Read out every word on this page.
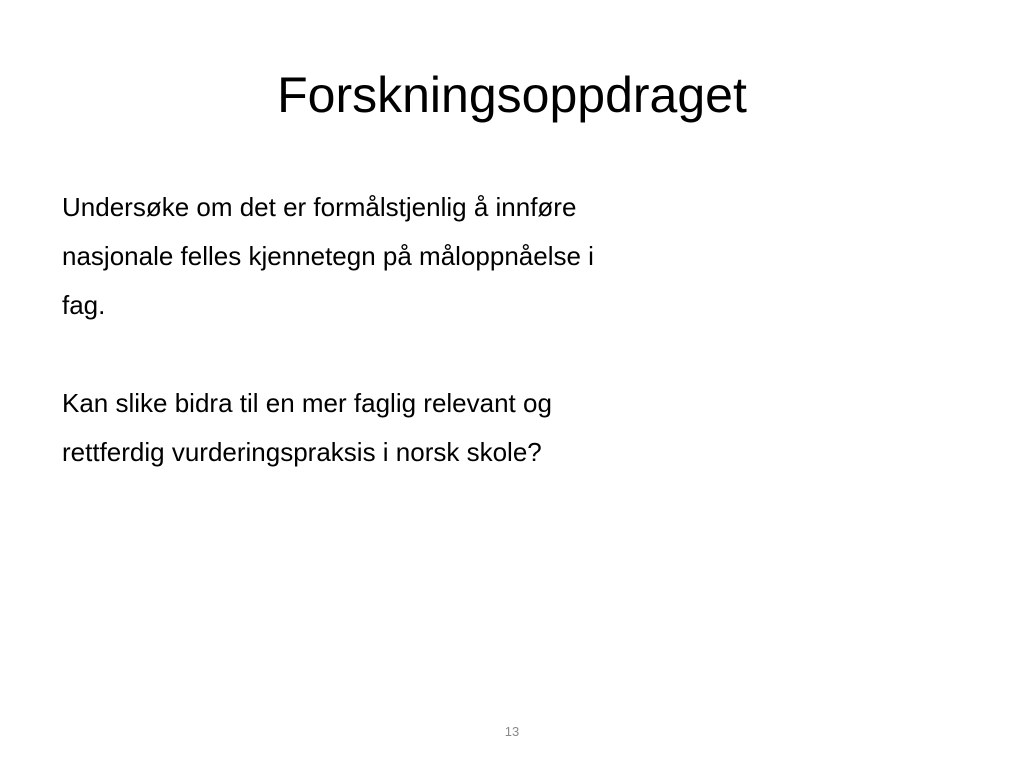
Forskningsoppdraget

Undersøke om det er formålstjenlig å innføre
nasjonale felles kjennetegn på måloppnåelse i
fag.

Kan slike bidra til en mer faglig relevant og
rettferdig vurderingspraksis i norsk skole?

13
